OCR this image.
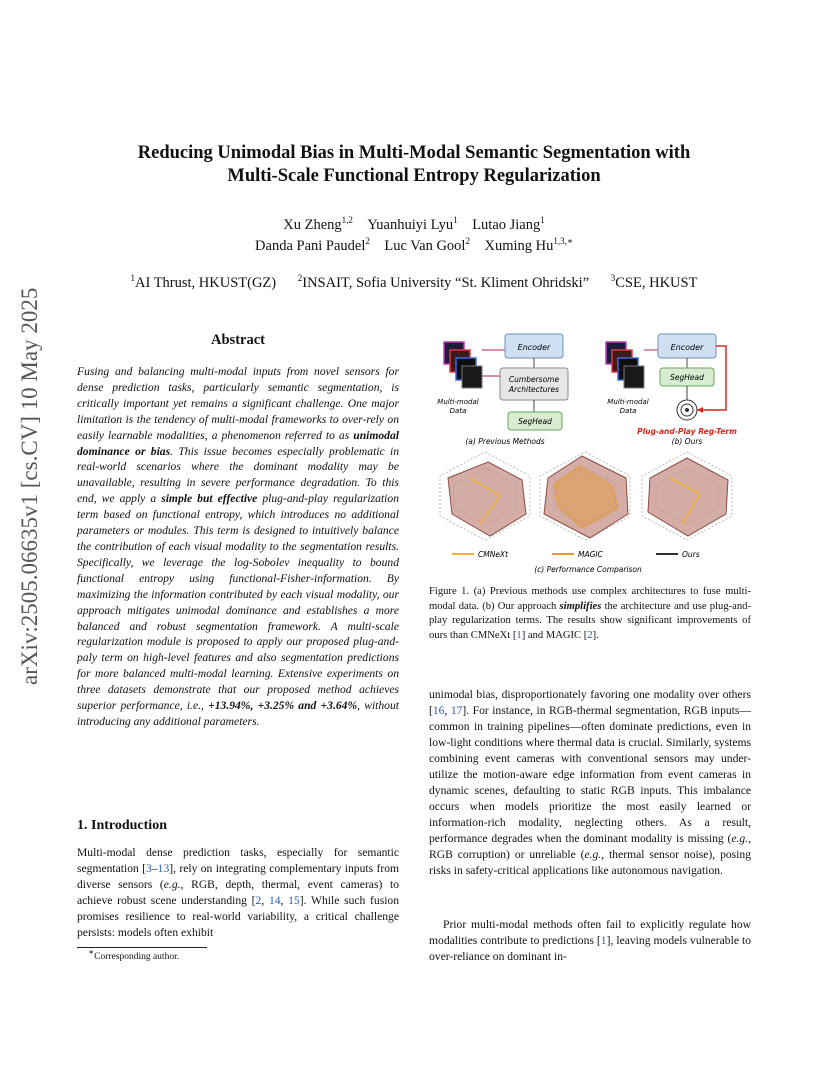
Reducing Unimodal Bias in Multi-Modal Semantic Segmentation with
Multi-Scale Functional Entropy Regularization
Xu Zheng$^{1,2}$ Yuanhuiyi Lyu$^1$ Lutao Jiang$^1$
Danda Pani Paudel$^2$ Luc Van Gool$^2$ Xuming $Hu^{1,3,∗}$
$^1$AI Thrust, HKUST(GZ) $^2$INSAIT, Sofia University “St. Kliment Ohridski” $^3$CSE, HKUST
arXiv:2505.06635v1 [cs.CV] 10 May 2025	Abstract
Fusing and balancing multi-modal inputs from novel sensors for dense prediction tasks, particularly semantic segmentation, is critically important yet remains a significant challenge. One major limitation is the tendency of multi-modal frameworks to over-rely on easily learnable modalities, a phenomenon referred to as unimodal dominance or bias. This issue becomes especially problematic in real-world scenarios where the dominant modality may be unavailable, resulting in severe performance degradation. To this end, we apply a simple but effective plug-and-play regularization term based on functional entropy, which introduces no additional parameters or modules. This term is designed to intuitively balance the contribution of each visual modality to the segmentation results. Specifically, we leverage the log-Sobolev inequality to bound functional entropy using functional-Fisher-information. By maximizing the information contributed by each visual modality, our approach mitigates unimodal dominance and establishes a more balanced and robust segmentation framework. A multi-scale regularization module is proposed to apply our proposed plug-and-paly term on high-level features and also segmentation predictions for more balanced multi-modal learning. Extensive experiments on three datasets demonstrate that our proposed method achieves superior performance, i.e., +13.94%, +3.25% and +3.64%, without introducing any additional parameters.
1. Introduction
Multi-modal dense prediction tasks, especially for semantic segmentation [3–13], rely on integrating complementary inputs from diverse sensors (e.g., RGB, depth, thermal, event cameras) to achieve robust scene understanding [2, 14, 15]. While such fusion promises resilience to real-world variability, a critical challenge persists: models often exhibit
∗Corresponding author.
Encoder
Cumbersome
Architectures
SegHead
Multi-modal
Data
(a) Previous Methods
Encoder
SegHead
Multi-modal
Data
Plug-and-Play Reg-Term
(b) Ours
CMNeXt	MAGIC	Ours
(c) Performance Comparison
Figure 1. (a) Previous methods use complex architectures to fuse multi-modal data. (b) Our approach simplifies the architecture and use plug-and-play regularization terms. The results show significant improvements of ours than CMNeXt [1] and MAGIC [2].
unimodal bias, disproportionately favoring one modality over others [16, 17]. For instance, in RGB-thermal segmentation, RGB inputs—common in training pipelines—often dominate predictions, even in low-light conditions where thermal data is crucial. Similarly, systems combining event cameras with conventional sensors may under-utilize the motion-aware edge information from event cameras in dynamic scenes, defaulting to static RGB inputs. This imbalance occurs when models prioritize the most easily learned or information-rich modality, neglecting others. As a result, performance degrades when the dominant modality is missing (e.g., RGB corruption) or unreliable (e.g., thermal sensor noise), posing risks in safety-critical applications like autonomous navigation.
Prior multi-modal methods often fail to explicitly regulate how modalities contribute to predictions [1], leaving models vulnerable to over-reliance on dominant in-
